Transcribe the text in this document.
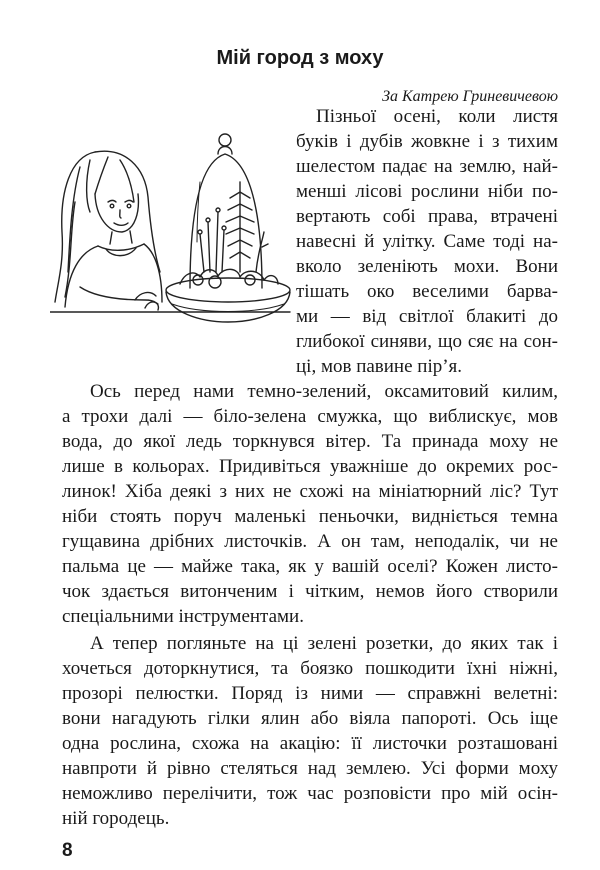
Мій город з моху
За Катрею Гриневичевою
Пізньої осені, коли листя
буків і дубів жовкне і з тихим
шелестом падає на землю, най-
менші лісові рослини ніби по-
вертають собі права, втрачені
навесні й улітку. Саме тоді на-
вколо зеленіють мохи. Вони
тішать око веселими барва-
ми — від світлої блакиті до
глибокої синяви, що сяє на сон-
ці, мов павине пір’я.
Ось перед нами темно-зелений, оксамитовий килим,
а трохи далі — біло-зелена смужка, що виблискує, мов
вода, до якої ледь торкнувся вітер. Та принада моху не
лише в кольорах. Придивіться уважніше до окремих рос-
линок! Хіба деякі з них не схожі на мініатюрний ліс? Тут
ніби стоять поруч маленькі пеньочки, видніється темна
гущавина дрібних листочків. А он там, неподалік, чи не
пальма це — майже така, як у вашій оселі? Кожен листо-
чок здається витонченим і чітким, немов його створили
спеціальними інструментами.
А тепер погляньте на ці зелені розетки, до яких так і
хочеться доторкнутися, та боязко пошкодити їхні ніжні,
прозорі пелюстки. Поряд із ними — справжні велетні:
вони нагадують гілки ялин або віяла папороті. Ось іще
одна рослина, схожа на акацію: її листочки розташовані
навпроти й рівно стеляться над землею. Усі форми моху
неможливо перелічити, тож час розповісти про мій осін-
ній городець.
8
